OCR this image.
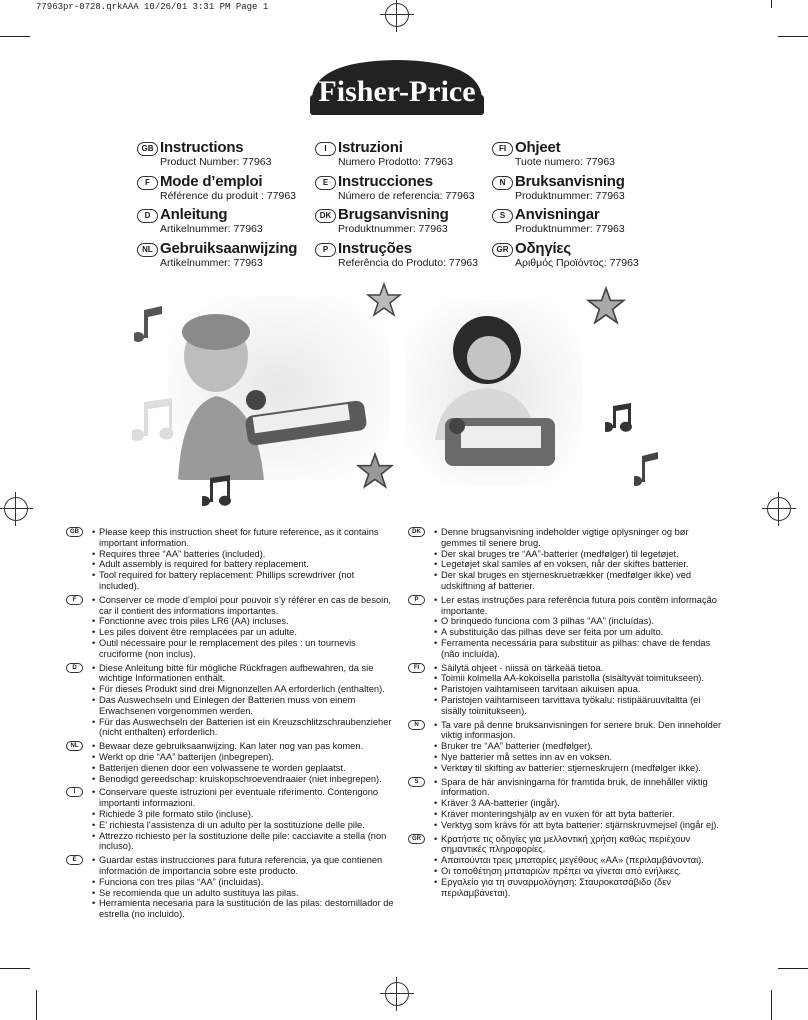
77963pr-0728.qrkAAA 10/26/01 3:31 PM Page 1
Fisher-Price
GB Instructions
Product Number: 77963
F Mode d’emploi
Référence du produit : 77963
D Anleitung
Artikelnummer: 77963
NL Gebruiksaanwijzing
Artikelnummer: 77963
I Istruzioni
Numero Prodotto: 77963
E Instrucciones
Número de referencia: 77963
DK Brugsanvisning
Produktnummer: 77963
P Instruções
Referência do Produto: 77963
FI Ohjeet
Tuote numero: 77963
N Bruksanvisning
Produktnummer: 77963
S Anvisningar
Produktnummer: 77963
GR Οδηγίες
Αριθμός Προϊόντος: 77963
GB	• Please keep this instruction sheet for future reference, as it contains important information.
• Requires three “AA” batteries (included).
• Adult assembly is required for battery replacement.
• Tool required for battery replacement: Phillips screwdriver (not included).
F	• Conserver ce mode d’emploi pour pouvoir s’y référer en cas de besoin, car il contient des informations importantes.
• Fonctionne avec trois piles LR6 (AA) incluses.
• Les piles doivent être remplacées par un adulte.
• Outil nécessaire pour le remplacement des piles : un tournevis cruciforme (non inclus).
D	• Diese Anleitung bitte für mögliche Rückfragen aufbewahren, da sie wichtige Informationen enthält.
• Für dieses Produkt sind drei Mignonzellen AA erforderlich (enthalten).
• Das Auswechseln und Einlegen der Batterien muss von einem Erwachsenen vorgenommen werden.
• Für das Auswechseln der Batterien ist ein Kreuzschlitzschraubenzieher (nicht enthalten) erforderlich.
NL	• Bewaar deze gebruiksaanwijzing. Kan later nog van pas komen.
• Werkt op drie “AA” batterijen (inbegrepen).
• Batterijen dienen door een volwassene te worden geplaatst.
• Benodigd gereedschap: kruiskopschroevendraaier (niet inbegrepen).
I	• Conservare queste istruzioni per eventuale riferimento. Contengono importanti informazioni.
• Richiede 3 pile formato stilo (incluse).
• E’ richiesta l’assistenza di un adulto per la sostituzione delle pile.
• Attrezzo richiesto per la sostituzione delle pile: cacciavite a stella (non incluso).
E	• Guardar estas instrucciones para futura referencia, ya que contienen información de importancia sobre este producto.
• Funciona con tres pilas “AA” (incluidas).
• Se recomienda que un adulto sustituya las pilas.
• Herramienta necesaria para la sustitución de las pilas: destornillador de estrella (no incluido).
DK	• Denne brugsanvisning indeholder vigtige oplysninger og bør gemmes til senere brug.
• Der skal bruges tre “AA”-batterier (medfølger) til legetøjet.
• Legetøjet skal samles af en voksen, når der skiftes batterier.
• Der skal bruges en stjerneskruetrækker (medfølger ikke) ved udskiftning af batterier.
P	• Ler estas instruções para referência futura pois contêm informação importante.
• O brinquedo funciona com 3 pilhas “AA” (incluídas).
• A substituição das pilhas deve ser feita por um adulto.
• Ferramenta necessária para substituir as pilhas: chave de fendas (não incluída).
FI	• Säilytä ohjeet - niissä on tärkeää tietoa.
• Toimii kolmella AA-kokoisella paristolla (sisältyvät toimitukseen).
• Paristojen vaihtamiseen tarvitaan aikuisen apua.
• Paristojen vaihtamiseen tarvittava työkalu: ristipääruuvitaltta (ei sisälly toimitukseen).
N	• Ta vare på denne bruksanvisningen for senere bruk. Den inneholder viktig informasjon.
• Bruker tre “AA” batterier (medfølger).
• Nye batterier må settes inn av en voksen.
• Verktøy til skifting av batterier: stjerneskrujern (medfølger ikke).
S	• Spara de här anvisningarna för framtida bruk, de innehåller viktig information.
• Kräver 3 AA-batterier (ingår).
• Kräver monteringshjälp av en vuxen för att byta batterier.
• Verktyg som krävs för att byta batterier: stjärnskruvmejsel (ingår ej).
GR	• Κρατήστε τις οδηγίες για μελλοντική χρήση καθώς περιέχουν σημαντικές πληροφορίες.
• Απαιτούνται τρεις μπαταρίες μεγέθους «AA» (περιλαμβάνονται).
• Οι τοποθέτηση μπαταριών πρέπει να γίνεται από ενήλικες.
• Εργαλείο για τη συναρμολόγηση: Σταυροκατσάβιδο (δεν περιλαμβάνεται).
